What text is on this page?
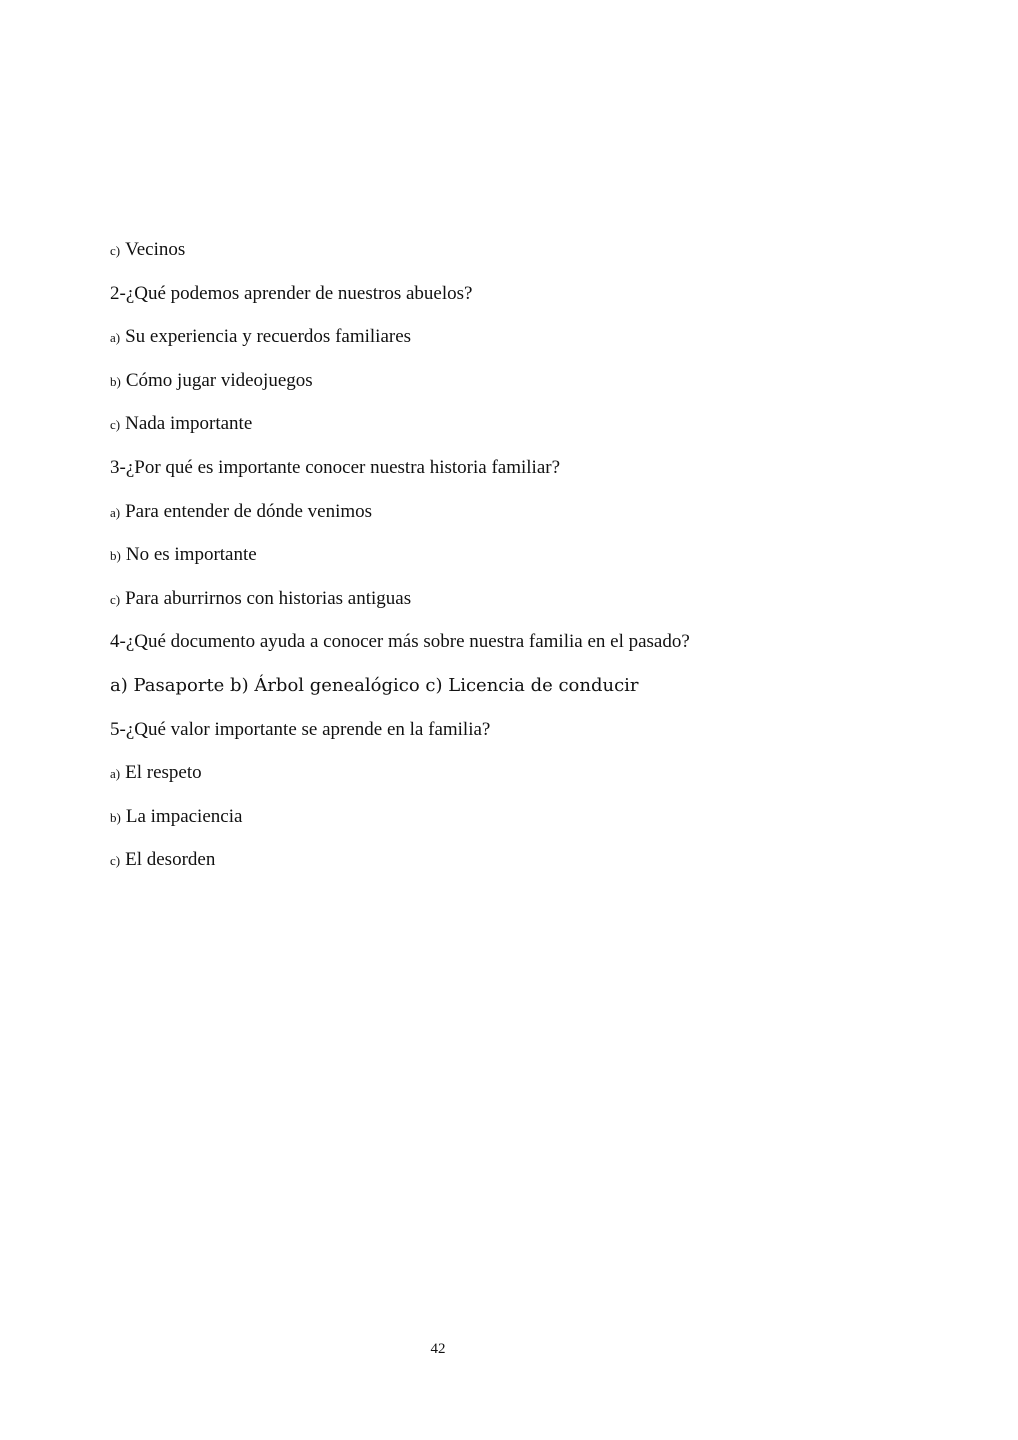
c) Vecinos
2-¿Qué podemos aprender de nuestros abuelos?
a) Su experiencia y recuerdos familiares
b) Cómo jugar videojuegos
c) Nada importante
3-¿Por qué es importante conocer nuestra historia familiar?
a) Para entender de dónde venimos
b) No es importante
c) Para aburrirnos con historias antiguas
4-¿Qué documento ayuda a conocer más sobre nuestra familia en el pasado?
a) Pasaporte b) Árbol genealógico c) Licencia de conducir
5-¿Qué valor importante se aprende en la familia?
a) El respeto
b) La impaciencia
c) El desorden
42
